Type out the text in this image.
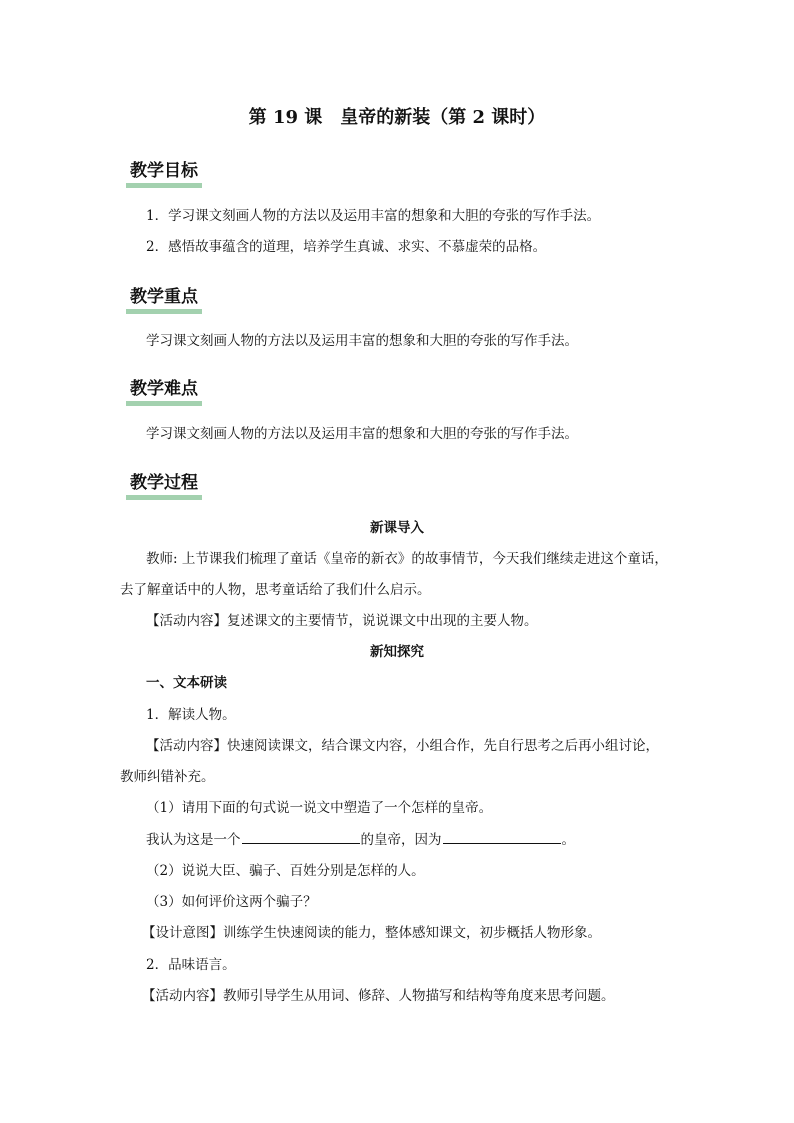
第 19 课　皇帝的新装（第 2 课时）
教学目标
1．学习课文刻画人物的方法以及运用丰富的想象和大胆的夸张的写作手法。
2．感悟故事蕴含的道理，培养学生真诚、求实、不慕虚荣的品格。
教学重点
学习课文刻画人物的方法以及运用丰富的想象和大胆的夸张的写作手法。
教学难点
学习课文刻画人物的方法以及运用丰富的想象和大胆的夸张的写作手法。
教学过程
新课导入
教师: 上节课我们梳理了童话《皇帝的新衣》的故事情节，今天我们继续走进这个童话，
去了解童话中的人物，思考童话给了我们什么启示。
【活动内容】复述课文的主要情节，说说课文中出现的主要人物。
新知探究
一、文本研读
1．解读人物。
【活动内容】快速阅读课文，结合课文内容，小组合作，先自行思考之后再小组讨论，
教师纠错补充。
（1）请用下面的句式说一说文中塑造了一个怎样的皇帝。
我认为这是一个	的皇帝，因为	。
（2）说说大臣、骗子、百姓分别是怎样的人。
（3）如何评价这两个骗子？
【设计意图】训练学生快速阅读的能力，整体感知课文，初步概括人物形象。
2．品味语言。
【活动内容】教师引导学生从用词、修辞、人物描写和结构等角度来思考问题。
